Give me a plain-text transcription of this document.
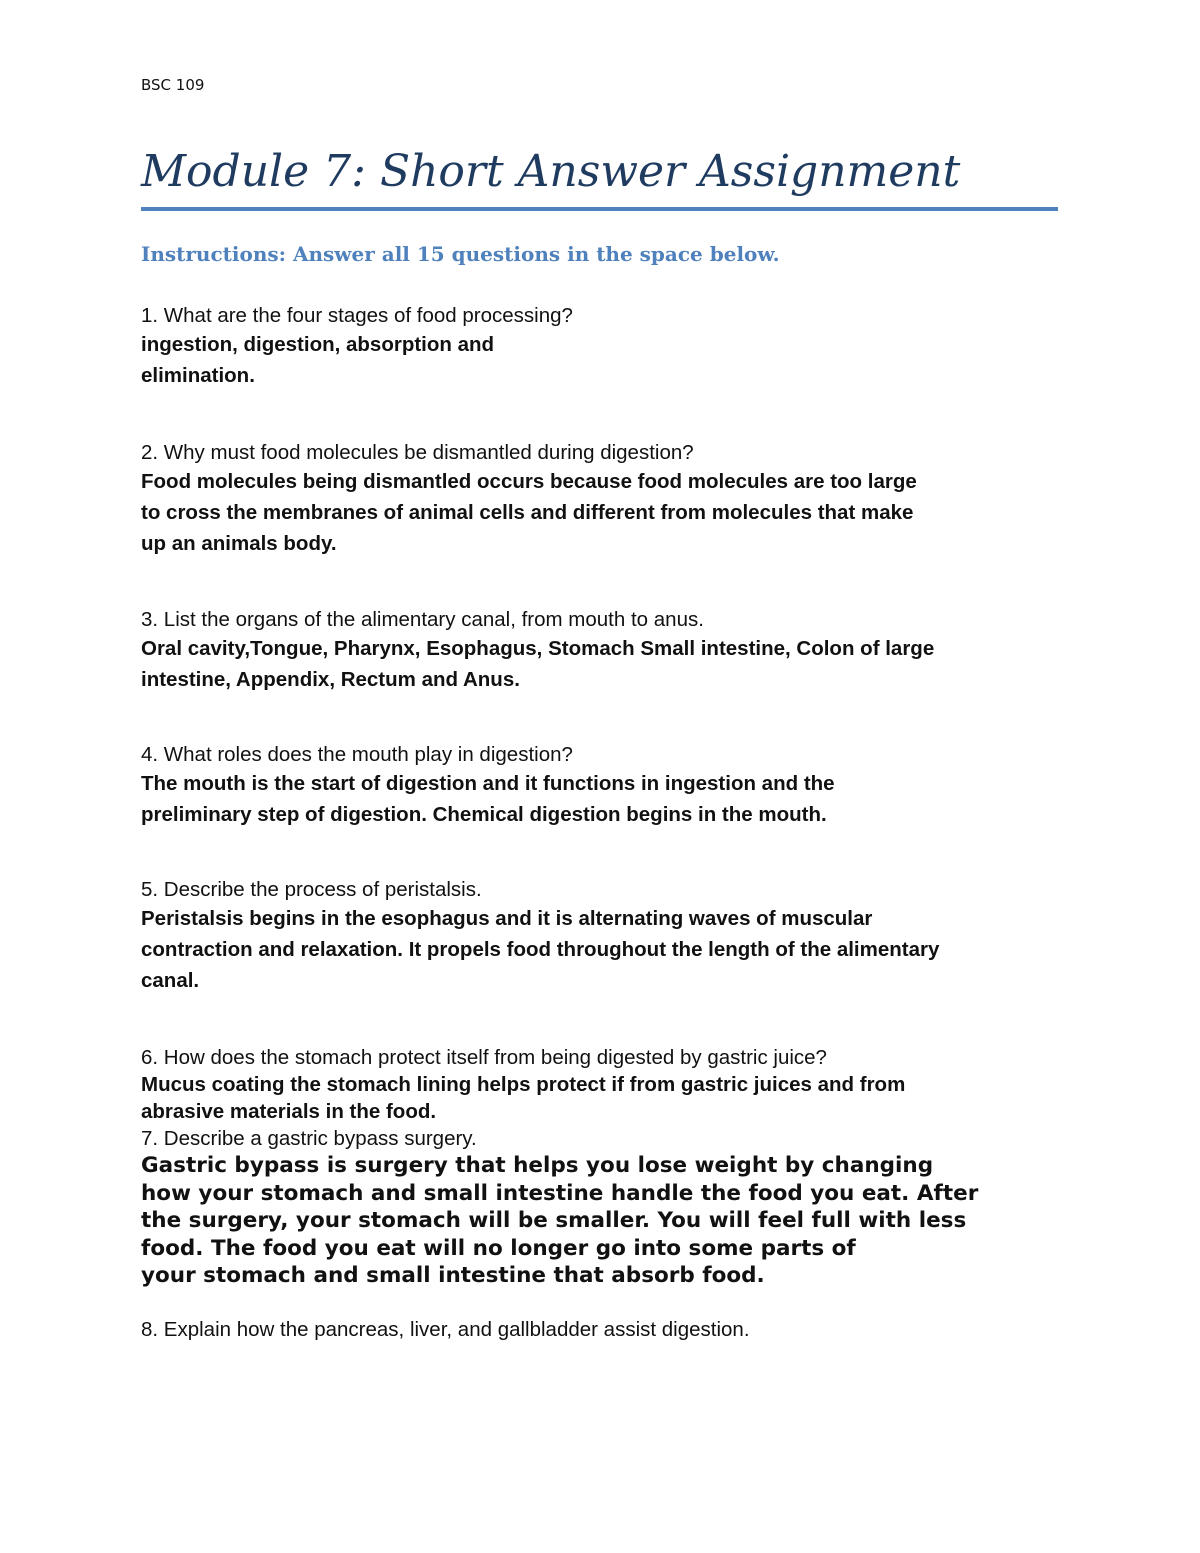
BSC 109
Module 7: Short Answer Assignment
Instructions: Answer all 15 questions in the space below.
1. What are the four stages of food processing?
ingestion, digestion, absorption and
elimination.
2. Why must food molecules be dismantled during digestion?
Food molecules being dismantled occurs because food molecules are too large
to cross the membranes of animal cells and different from molecules that make
up an animals body.
3. List the organs of the alimentary canal, from mouth to anus.
Oral cavity,Tongue, Pharynx, Esophagus, Stomach Small intestine, Colon of large
intestine, Appendix, Rectum and Anus.
4. What roles does the mouth play in digestion?
The mouth is the start of digestion and it functions in ingestion and the
preliminary step of digestion. Chemical digestion begins in the mouth.
5. Describe the process of peristalsis.
Peristalsis begins in the esophagus and it is alternating waves of muscular
contraction and relaxation. It propels food throughout the length of the alimentary
canal.
6. How does the stomach protect itself from being digested by gastric juice?
Mucus coating the stomach lining helps protect if from gastric juices and from
abrasive materials in the food.
7. Describe a gastric bypass surgery.
Gastric bypass is surgery that helps you lose weight by changing
how your stomach and small intestine handle the food you eat. After
the surgery, your stomach will be smaller. You will feel full with less
food. The food you eat will no longer go into some parts of
your stomach and small intestine that absorb food.
8. Explain how the pancreas, liver, and gallbladder assist digestion.
